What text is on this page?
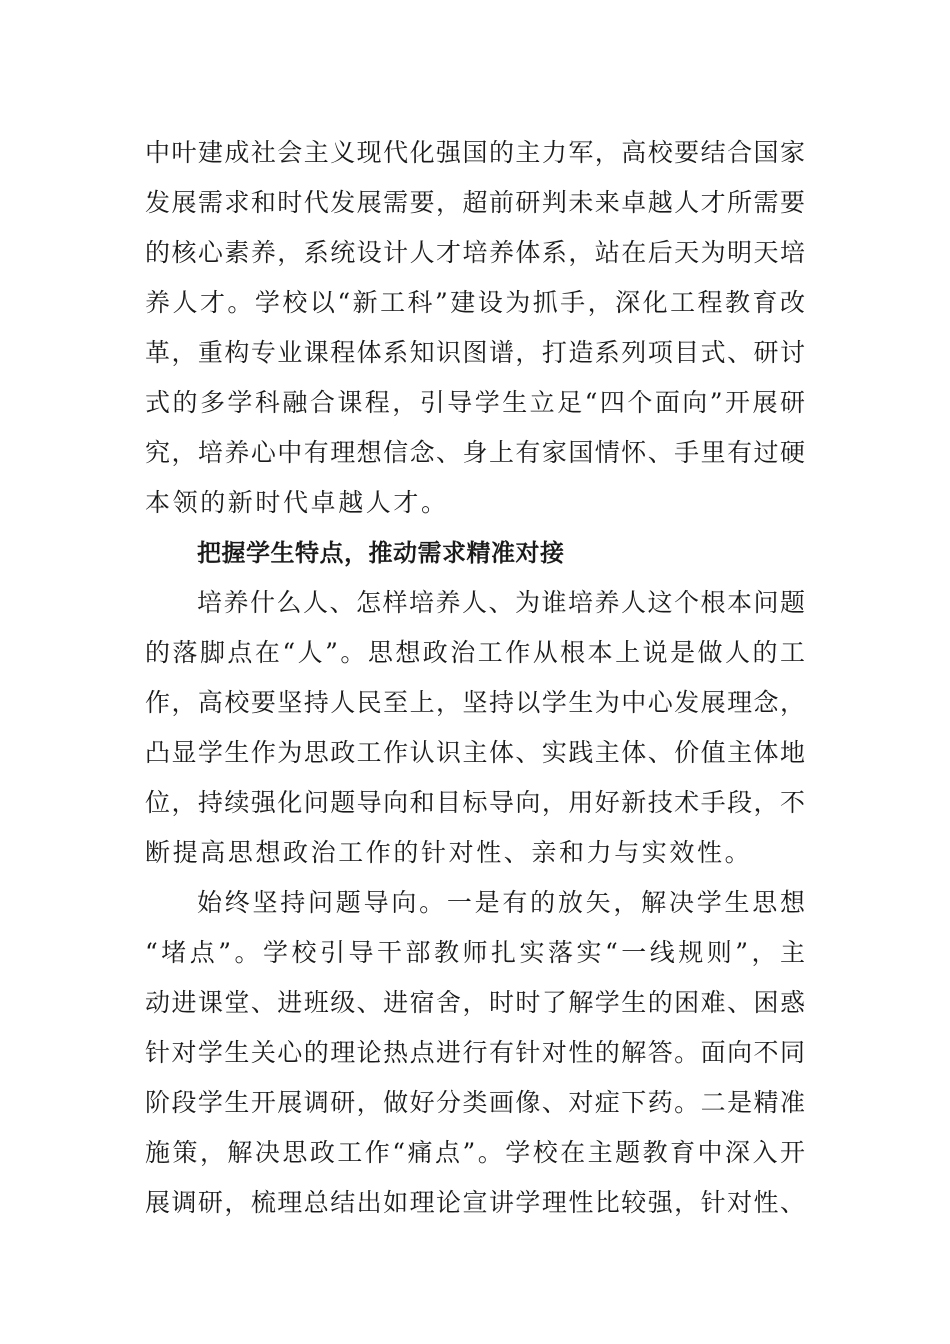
中叶建成社会主义现代化强国的主力军，高校要结合国家
发展需求和时代发展需要，超前研判未来卓越人才所需要
的核心素养，系统设计人才培养体系，站在后天为明天培
养人才。学校以“新工科”建设为抓手，深化工程教育改
革，重构专业课程体系知识图谱，打造系列项目式、研讨
式的多学科融合课程，引导学生立足“四个面向”开展研
究，培养心中有理想信念、身上有家国情怀、手里有过硬
本领的新时代卓越人才。
把握学生特点，推动需求精准对接
培养什么人、怎样培养人、为谁培养人这个根本问题
的落脚点在“人”。思想政治工作从根本上说是做人的工
作，高校要坚持人民至上，坚持以学生为中心发展理念，
凸显学生作为思政工作认识主体、实践主体、价值主体地
位，持续强化问题导向和目标导向，用好新技术手段，不
断提高思想政治工作的针对性、亲和力与实效性。
始终坚持问题导向。一是有的放矢，解决学生思想
“堵点”。学校引导干部教师扎实落实“一线规则”，主
动进课堂、进班级、进宿舍，时时了解学生的困难、困惑
针对学生关心的理论热点进行有针对性的解答。面向不同
阶段学生开展调研，做好分类画像、对症下药。二是精准
施策，解决思政工作“痛点”。学校在主题教育中深入开
展调研，梳理总结出如理论宣讲学理性比较强，针对性、
